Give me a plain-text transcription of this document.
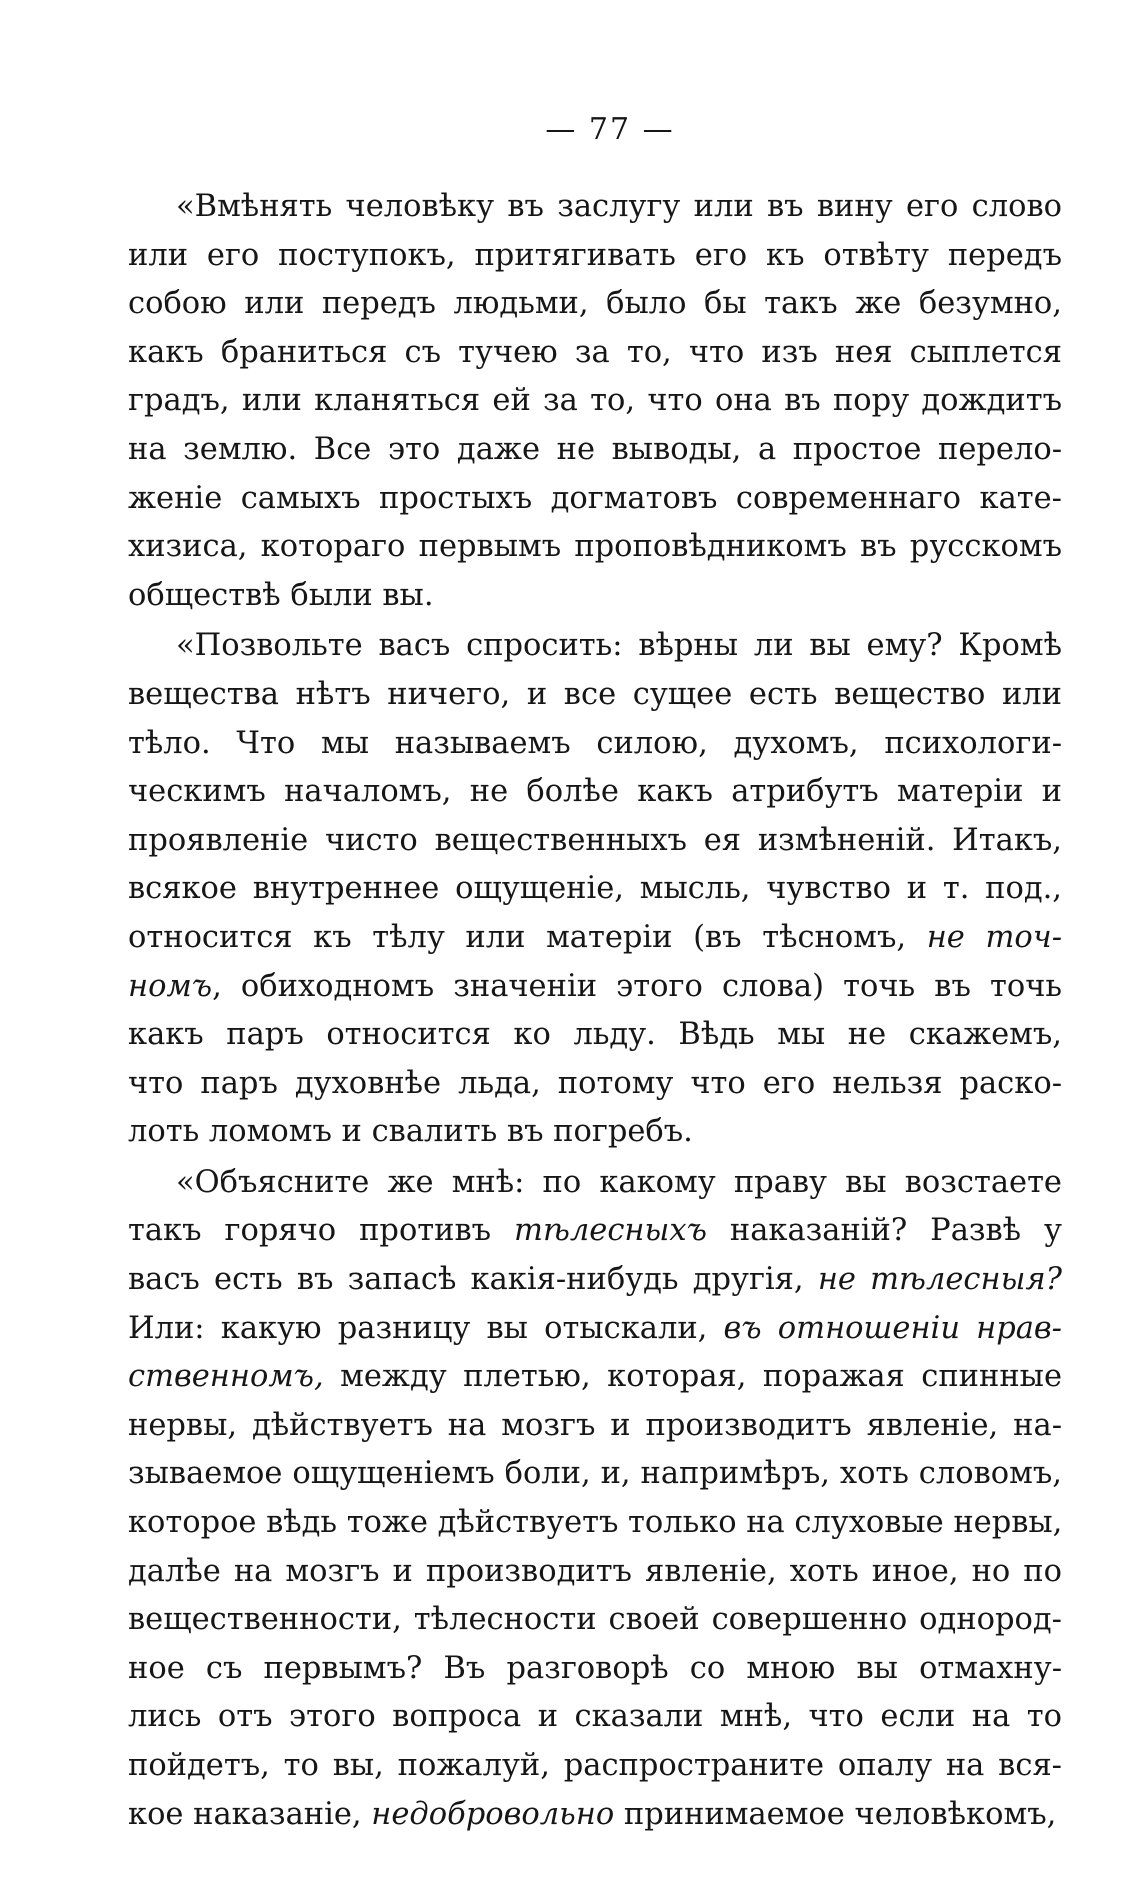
— 77 —

«Вмѣнять человѣку въ заслугу или въ вину его слово
или его поступокъ, притягивать его къ отвѣту передъ
собою или передъ людьми, было бы такъ же безумно,
какъ браниться съ тучею за то, что изъ нея сыплется
градъ, или кланяться ей за то, что она въ пору дождитъ
на землю. Все это даже не выводы, а простое перело-
женіе самыхъ простыхъ догматовъ современнаго кате-
хизиса, котораго первымъ проповѣдникомъ въ русскомъ
обществѣ были вы.

«Позвольте васъ спросить: вѣрны ли вы ему? Кромѣ
вещества нѣтъ ничего, и все сущее есть вещество или
тѣло. Что мы называемъ силою, духомъ, психологи-
ческимъ началомъ, не болѣе какъ атрибутъ матеріи и
проявленіе чисто вещественныхъ ея измѣненій. Итакъ,
всякое внутреннее ощущеніе, мысль, чувство и т. под.,
относится къ тѣлу или матеріи (въ тѣсномъ, не точ-
номъ, обиходномъ значеніи этого слова) точь въ точь
какъ паръ относится ко льду. Вѣдь мы не скажемъ,
что паръ духовнѣе льда, потому что его нельзя раско-
лоть ломомъ и свалить въ погребъ.

«Объясните же мнѣ: по какому праву вы возстаете
такъ горячо противъ тѣлесныхъ наказаній? Развѣ у
васъ есть въ запасѣ какія-нибудь другія, не тѣлесныя?
Или: какую разницу вы отыскали, въ отношеніи нрав-
ственномъ, между плетью, которая, поражая спинные
нервы, дѣйствуетъ на мозгъ и производитъ явленіе, на-
зываемое ощущеніемъ боли, и, напримѣръ, хоть словомъ,
которое вѣдь тоже дѣйствуетъ только на слуховые нервы,
далѣе на мозгъ и производитъ явленіе, хоть иное, но по
вещественности, тѣлесности своей совершенно однород-
ное съ первымъ? Въ разговорѣ со мною вы отмахну-
лись отъ этого вопроса и сказали мнѣ, что если на то
пойдетъ, то вы, пожалуй, распространите опалу на вся-
кое наказаніе, недобровольно принимаемое человѣкомъ,
